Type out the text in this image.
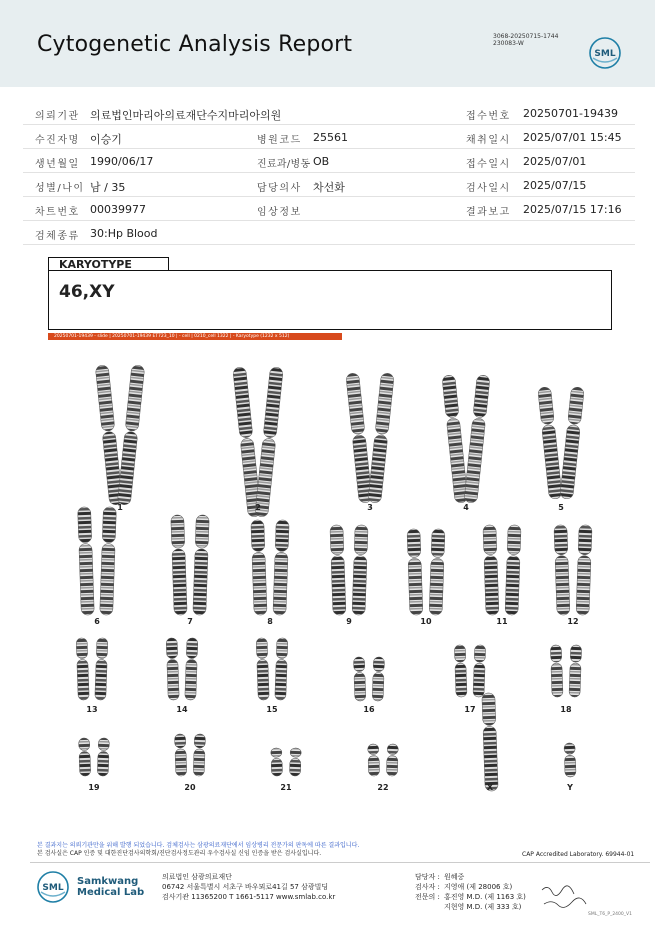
Cytogenetic Analysis Report	3068-20250715-1744
230083-W
SML
의뢰기관 의료법인마리아의료재단수지마리아의원	접수번호 20250701-19439
수진자명 이승기	병원코드 25561	채취일시 2025/07/01 15:45
생년월일 1990/06/17	진료과/병동 OB	접수일시 2025/07/01
성별/나이 남 / 35	담당의사 차선화	검사일시 2025/07/15
차트번호 00039977	임상정보	결과보고 2025/07/15 17:16
검체종류 30:Hp Blood
KARYOTYPE
46,XY
20250701-19439 - slide | 20250701-19439 ET723_10 | - cell | 0210_cell 1322 | - Karyotype (1232 x 512)
1	2	3	4	5
6	7	8	9	10	11	12
13	14	15	16	17	18
19	20	21	22	X	Y
본 결과지는 의뢰기관만을 위해 발행 되었습니다. 검체검사는 삼광의료재단에서 임상병리 전문가의 판독에 따른 결과입니다.
본 검사실은 CAP 인증 및 대한진단검사의학회/진단검사정도관리 우수검사실 신임 인증을 받은 검사실입니다.	CAP Accredited Laboratory. 69944-01
SML
Samkwang
Medical Lab
의료법인 삼광의료재단
06742 서울특별시 서초구 바우뫼로41길 57 삼광빌딩
검사기관 11365200 T 1661-5117 www.smlab.co.kr
담당자 : 원혜중
검사자 : 지영애 (제 28006 호)
전문의 : 홍진영 M.D. (제 1163 호)
지현영 M.D. (제 333 호)
SML_T6_P_2400_V1
